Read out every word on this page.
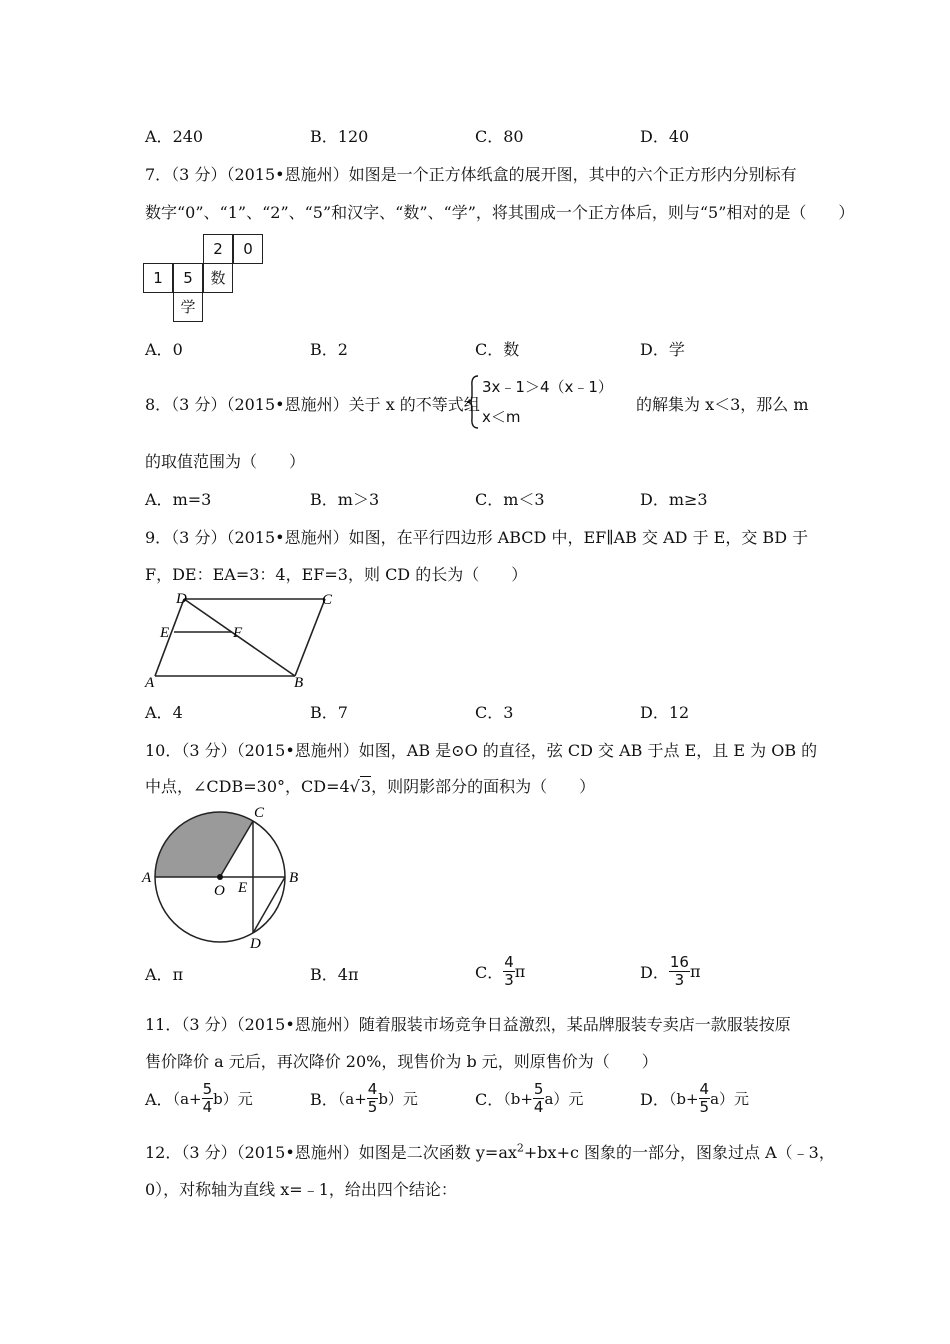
A．240	B．120	C．80	D．40
7．（3 分）（2015•恩施州）如图是一个正方体纸盒的展开图，其中的六个正方形内分别标有
数字“0”、“1”、“2”、“5”和汉字、“数”、“学”，将其围成一个正方体后，则与“5”相对的是（　　）
2	0
1	5	数
学
A．0	B．2	C．数	D．学
8．（3 分）（2015•恩施州）关于 x 的不等式组
3x﹣1＞4（x﹣1）
x＜m
的解集为 x＜3，那么 m
的取值范围为（　　）
A．m=3	B．m＞3	C．m＜3	D．m≥3
9．（3 分）（2015•恩施州）如图，在平行四边形 ABCD 中，EF∥AB 交 AD 于 E，交 BD 于
F，DE：EA=3：4，EF=3，则 CD 的长为（　　）
D	C
E	F
A	B
A．4	B．7	C．3	D．12
10．（3 分）（2015•恩施州）如图，AB 是⊙O 的直径，弦 CD 交 AB 于点 E，且 E 为 OB 的
中点，∠CDB=30°，CD=4√3，则阴影部分的面积为（　　）
A	B
C
D
O E
A．π	B．4π	C． $\frac{4}{3}$ π	D． $\frac{16}{3}$ π
11．（3 分）（2015•恩施州）随着服装市场竞争日益激烈，某品牌服装专卖店一款服装按原
售价降价 a 元后，再次降价 20%，现售价为 b 元，则原售价为（　　）
A．$(a+ \frac{5}{4} b)$元	B．$(a+ \frac{4}{5} b)$元	C．$(b+ \frac{5}{4} a)$元	D．$(b+ \frac{4}{5} a)$元
12．（3 分）（2015•恩施州）如图是二次函数 $y=ax^2+bx+c$ 图象的一部分，图象过点 A（﹣3，
0），对称轴为直线 x=﹣1，给出四个结论：
